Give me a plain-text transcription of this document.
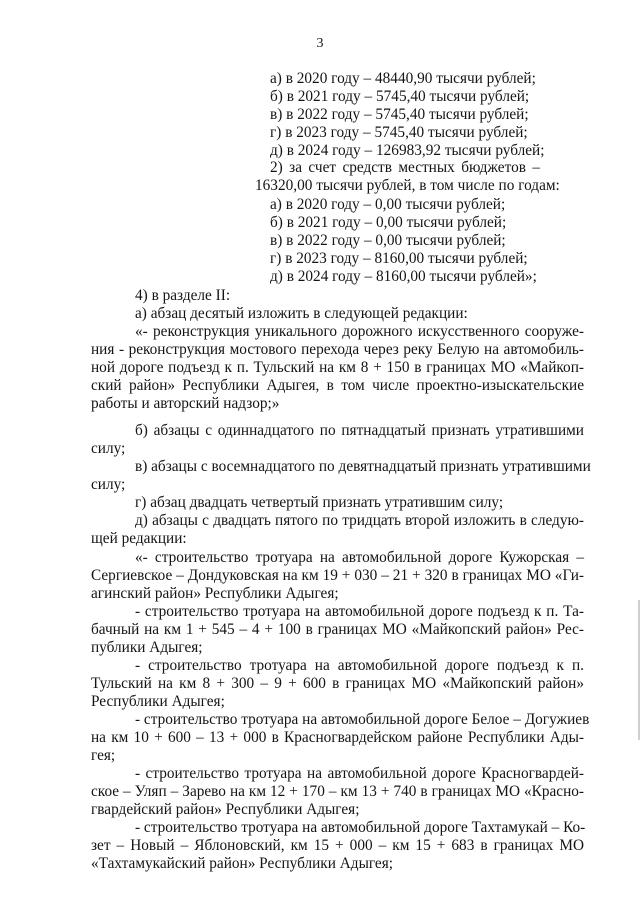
3
а) в 2020 году – 48440,90 тысячи рублей;
б) в 2021 году – 5745,40 тысячи рублей;
в) в 2022 году – 5745,40 тысячи рублей;
г) в 2023 году – 5745,40 тысячи рублей;
д) в 2024 году – 126983,92 тысячи рублей;
2) за счет средств местных бюджетов –
16320,00 тысячи рублей, в том числе по годам:
а) в 2020 году – 0,00 тысячи рублей;
б) в 2021 году – 0,00 тысячи рублей;
в) в 2022 году – 0,00 тысячи рублей;
г) в 2023 году – 8160,00 тысячи рублей;
д) в 2024 году – 8160,00 тысячи рублей»;
4) в разделе II:
а) абзац десятый изложить в следующей редакции:
«- реконструкция уникального дорожного искусственного сооруже-
ния - реконструкция мостового перехода через реку Белую на автомобиль-
ной дороге подъезд к п. Тульский на км 8 + 150 в границах МО «Майкоп-
ский район» Республики Адыгея, в том числе проектно-изыскательские
работы и авторский надзор;»
б) абзацы с одиннадцатого по пятнадцатый признать утратившими
силу;
в) абзацы с восемнадцатого по девятнадцатый признать утратившими
силу;
г) абзац двадцать четвертый признать утратившим силу;
д) абзацы с двадцать пятого по тридцать второй изложить в следую-
щей редакции:
«- строительство тротуара на автомобильной дороге Кужорская –
Сергиевское – Дондуковская на км 19 + 030 – 21 + 320 в границах МО «Ги-
агинский район» Республики Адыгея;
- строительство тротуара на автомобильной дороге подъезд к п. Та-
бачный на км 1 + 545 – 4 + 100 в границах МО «Майкопский район» Рес-
публики Адыгея;
- строительство тротуара на автомобильной дороге подъезд к п.
Тульский на км 8 + 300 – 9 + 600 в границах МО «Майкопский район»
Республики Адыгея;
- строительство тротуара на автомобильной дороге Белое – Догужиев
на км 10 + 600 – 13 + 000 в Красногвардейском районе Республики Ады-
гея;
- строительство тротуара на автомобильной дороге Красногвардей-
ское – Уляп – Зарево на км 12 + 170 – км 13 + 740 в границах МО «Красно-
гвардейский район» Республики Адыгея;
- строительство тротуара на автомобильной дороге Тахтамукай – Ко-
зет – Новый – Яблоновский, км 15 + 000 – км 15 + 683 в границах МО
«Тахтамукайский район» Республики Адыгея;
